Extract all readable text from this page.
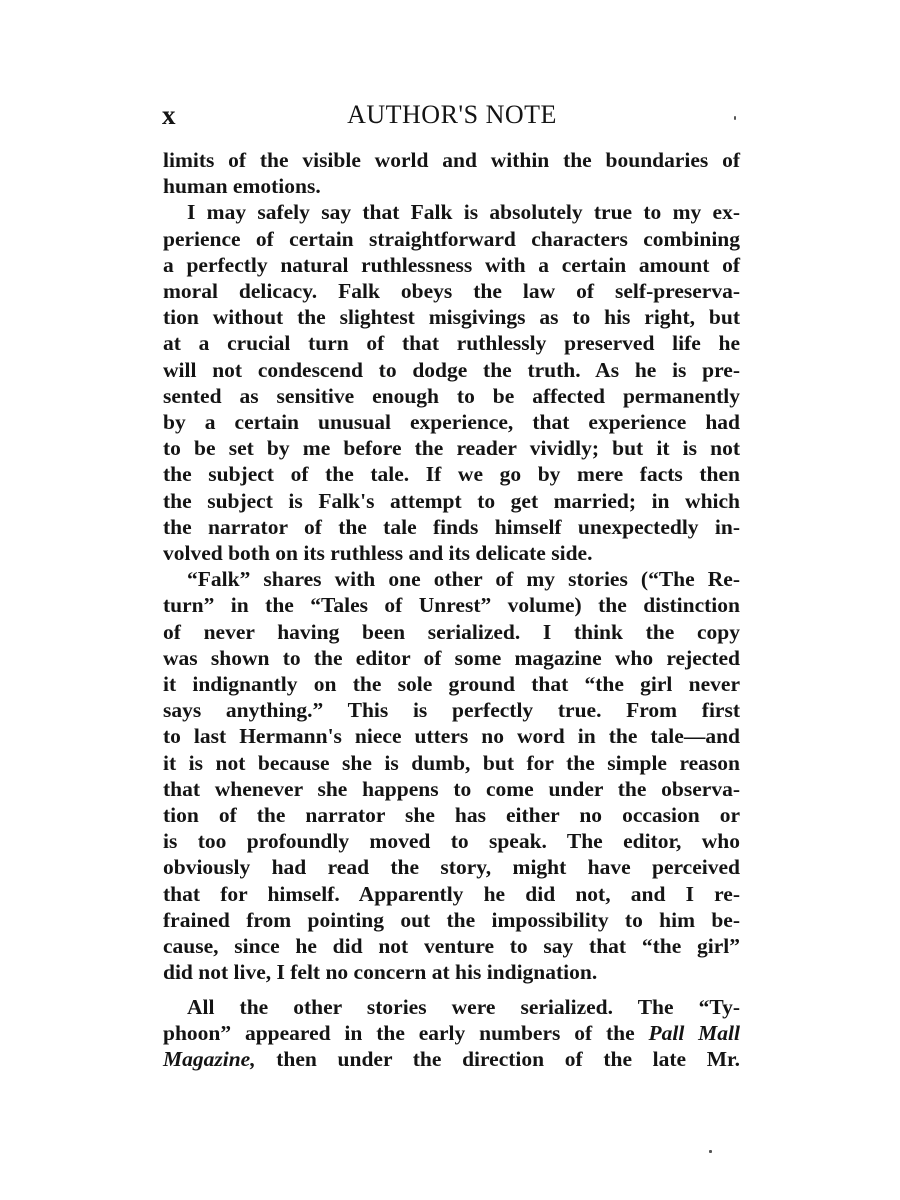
x	AUTHOR'S NOTE
limits of the visible world and within the boundaries of
human emotions.
I may safely say that Falk is absolutely true to my ex-
perience of certain straightforward characters combining
a perfectly natural ruthlessness with a certain amount of
moral delicacy. Falk obeys the law of self-preserva-
tion without the slightest misgivings as to his right, but
at a crucial turn of that ruthlessly preserved life he
will not condescend to dodge the truth. As he is pre-
sented as sensitive enough to be affected permanently
by a certain unusual experience, that experience had
to be set by me before the reader vividly; but it is not
the subject of the tale. If we go by mere facts then
the subject is Falk's attempt to get married; in which
the narrator of the tale finds himself unexpectedly in-
volved both on its ruthless and its delicate side.
“Falk” shares with one other of my stories (“The Re-
turn” in the “Tales of Unrest” volume) the distinction
of never having been serialized. I think the copy
was shown to the editor of some magazine who rejected
it indignantly on the sole ground that “the girl never
says anything.” This is perfectly true. From first
to last Hermann's niece utters no word in the tale—and
it is not because she is dumb, but for the simple reason
that whenever she happens to come under the observa-
tion of the narrator she has either no occasion or
is too profoundly moved to speak. The editor, who
obviously had read the story, might have perceived
that for himself. Apparently he did not, and I re-
frained from pointing out the impossibility to him be-
cause, since he did not venture to say that “the girl”
did not live, I felt no concern at his indignation.
All the other stories were serialized. The “Ty-
phoon” appeared in the early numbers of the Pall Mall
Magazine, then under the direction of the late Mr.
